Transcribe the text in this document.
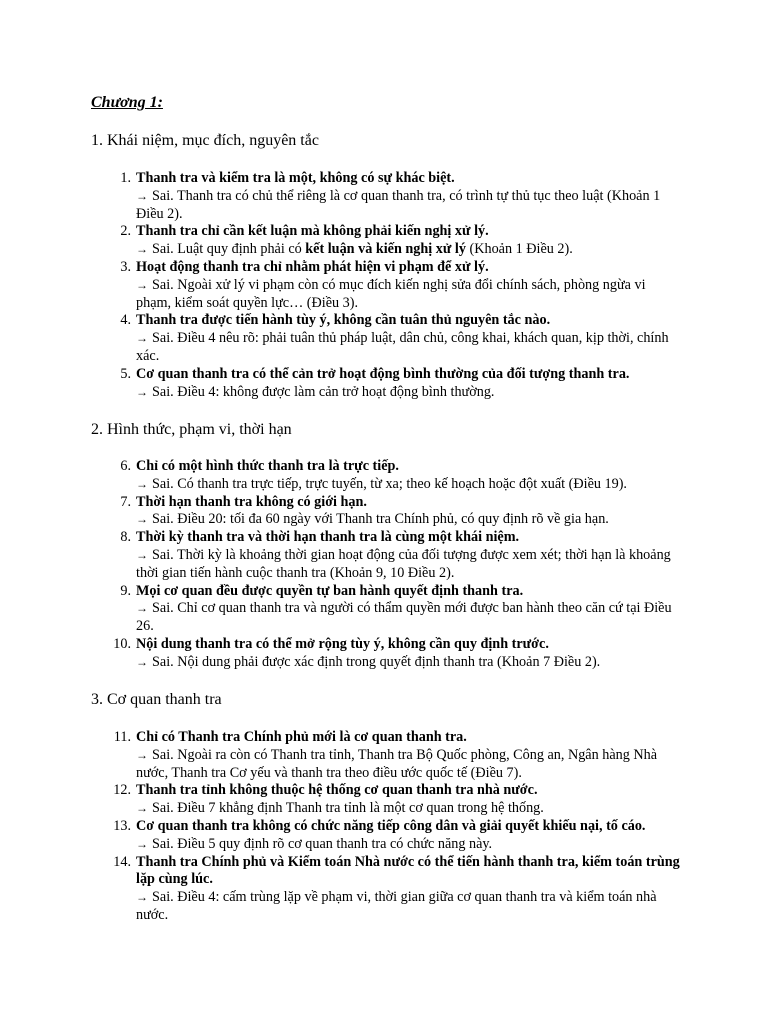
Chương 1:

1. Khái niệm, mục đích, nguyên tắc

1. Thanh tra và kiểm tra là một, không có sự khác biệt.
→ Sai. Thanh tra có chủ thể riêng là cơ quan thanh tra, có trình tự thủ tục theo luật (Khoản 1 Điều 2).
2. Thanh tra chỉ cần kết luận mà không phải kiến nghị xử lý.
→ Sai. Luật quy định phải có kết luận và kiến nghị xử lý (Khoản 1 Điều 2).
3. Hoạt động thanh tra chỉ nhằm phát hiện vi phạm để xử lý.
→ Sai. Ngoài xử lý vi phạm còn có mục đích kiến nghị sửa đổi chính sách, phòng ngừa vi phạm, kiểm soát quyền lực… (Điều 3).
4. Thanh tra được tiến hành tùy ý, không cần tuân thủ nguyên tắc nào.
→ Sai. Điều 4 nêu rõ: phải tuân thủ pháp luật, dân chủ, công khai, khách quan, kịp thời, chính xác.
5. Cơ quan thanh tra có thể cản trở hoạt động bình thường của đối tượng thanh tra.
→ Sai. Điều 4: không được làm cản trở hoạt động bình thường.

2. Hình thức, phạm vi, thời hạn

6. Chỉ có một hình thức thanh tra là trực tiếp.
→ Sai. Có thanh tra trực tiếp, trực tuyến, từ xa; theo kế hoạch hoặc đột xuất (Điều 19).
7. Thời hạn thanh tra không có giới hạn.
→ Sai. Điều 20: tối đa 60 ngày với Thanh tra Chính phủ, có quy định rõ về gia hạn.
8. Thời kỳ thanh tra và thời hạn thanh tra là cùng một khái niệm.
→ Sai. Thời kỳ là khoảng thời gian hoạt động của đối tượng được xem xét; thời hạn là khoảng thời gian tiến hành cuộc thanh tra (Khoản 9, 10 Điều 2).
9. Mọi cơ quan đều được quyền tự ban hành quyết định thanh tra.
→ Sai. Chỉ cơ quan thanh tra và người có thẩm quyền mới được ban hành theo căn cứ tại Điều 26.
10. Nội dung thanh tra có thể mở rộng tùy ý, không cần quy định trước.
→ Sai. Nội dung phải được xác định trong quyết định thanh tra (Khoản 7 Điều 2).

3. Cơ quan thanh tra

11. Chỉ có Thanh tra Chính phủ mới là cơ quan thanh tra.
→ Sai. Ngoài ra còn có Thanh tra tỉnh, Thanh tra Bộ Quốc phòng, Công an, Ngân hàng Nhà nước, Thanh tra Cơ yếu và thanh tra theo điều ước quốc tế (Điều 7).
12. Thanh tra tỉnh không thuộc hệ thống cơ quan thanh tra nhà nước.
→ Sai. Điều 7 khẳng định Thanh tra tỉnh là một cơ quan trong hệ thống.
13. Cơ quan thanh tra không có chức năng tiếp công dân và giải quyết khiếu nại, tố cáo.
→ Sai. Điều 5 quy định rõ cơ quan thanh tra có chức năng này.
14. Thanh tra Chính phủ và Kiểm toán Nhà nước có thể tiến hành thanh tra, kiểm toán trùng lặp cùng lúc.
→ Sai. Điều 4: cấm trùng lặp về phạm vi, thời gian giữa cơ quan thanh tra và kiểm toán nhà nước.
